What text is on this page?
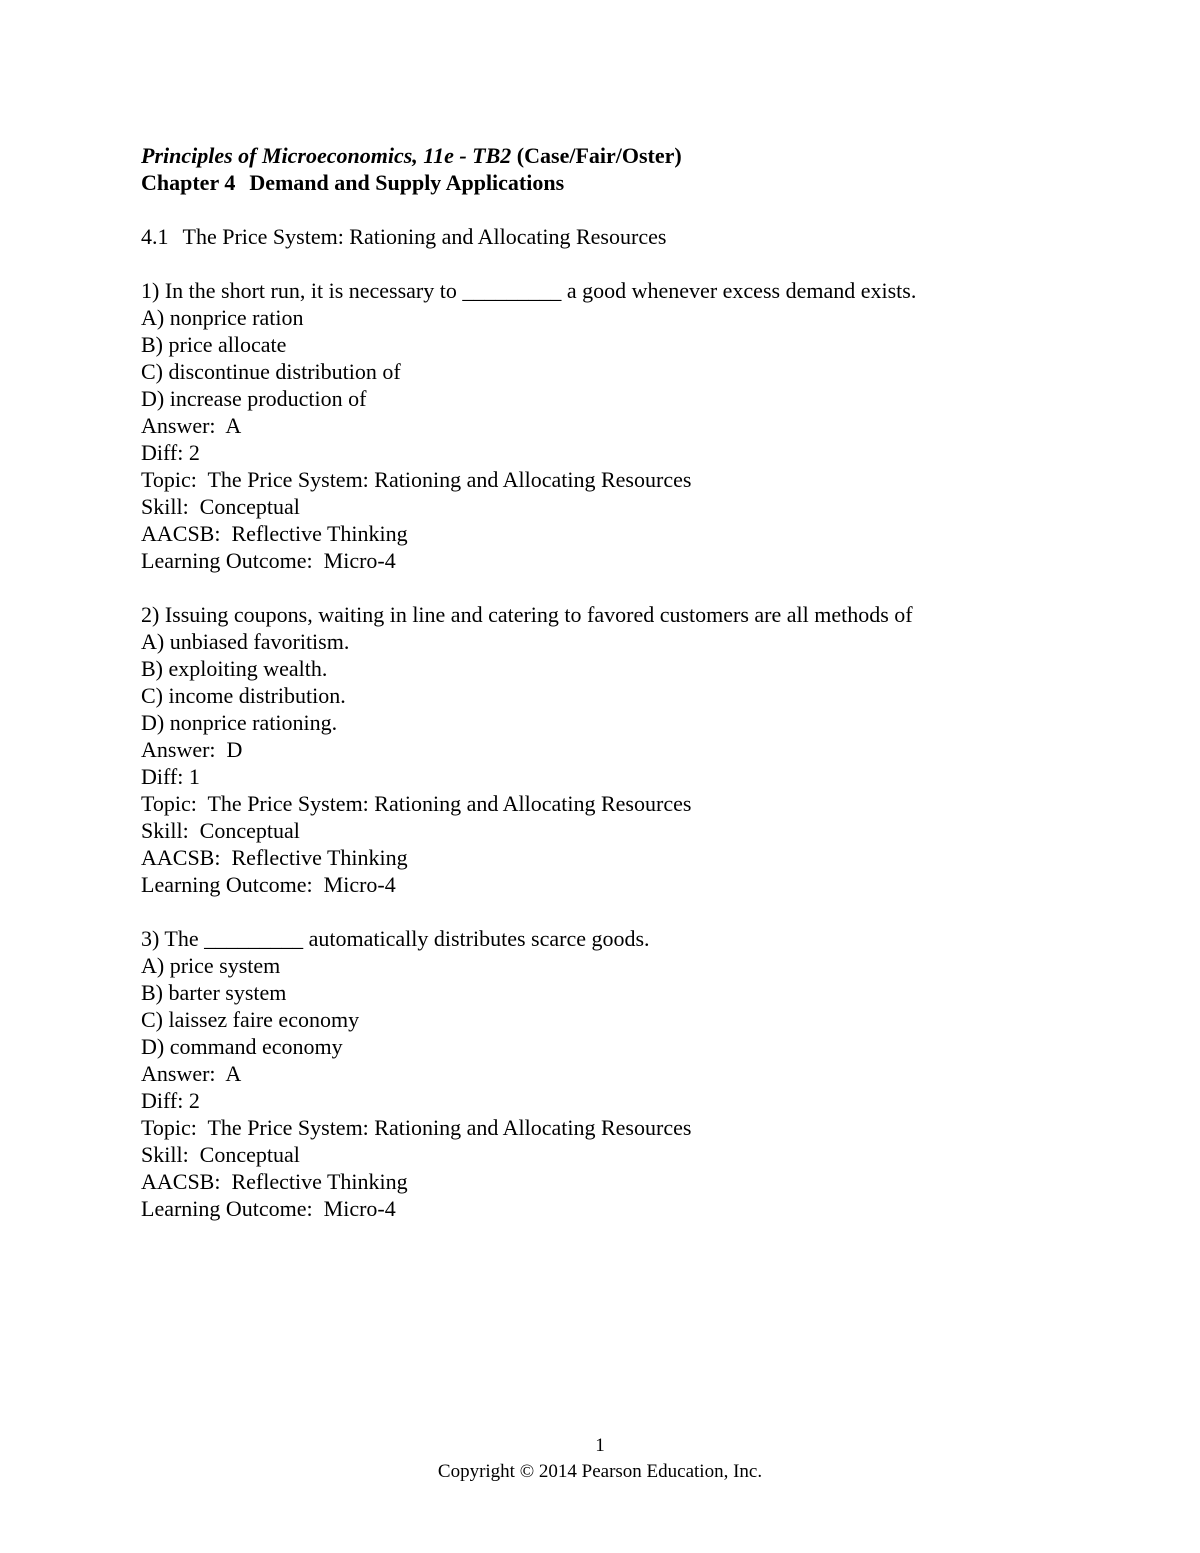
Principles of Microeconomics, 11e - TB2 (Case/Fair/Oster)
Chapter 4 Demand and Supply Applications
4.1 The Price System: Rationing and Allocating Resources
1) In the short run, it is necessary to _________ a good whenever excess demand exists.
A) nonprice ration
B) price allocate
C) discontinue distribution of
D) increase production of
Answer:  A
Diff: 2
Topic:  The Price System: Rationing and Allocating Resources
Skill:  Conceptual
AACSB:  Reflective Thinking
Learning Outcome:  Micro-4
2) Issuing coupons, waiting in line and catering to favored customers are all methods of
A) unbiased favoritism.
B) exploiting wealth.
C) income distribution.
D) nonprice rationing.
Answer:  D
Diff: 1
Topic:  The Price System: Rationing and Allocating Resources
Skill:  Conceptual
AACSB:  Reflective Thinking
Learning Outcome:  Micro-4
3) The _________ automatically distributes scarce goods.
A) price system
B) barter system
C) laissez faire economy
D) command economy
Answer:  A
Diff: 2
Topic:  The Price System: Rationing and Allocating Resources
Skill:  Conceptual
AACSB:  Reflective Thinking
Learning Outcome:  Micro-4
1
Copyright © 2014 Pearson Education, Inc.
